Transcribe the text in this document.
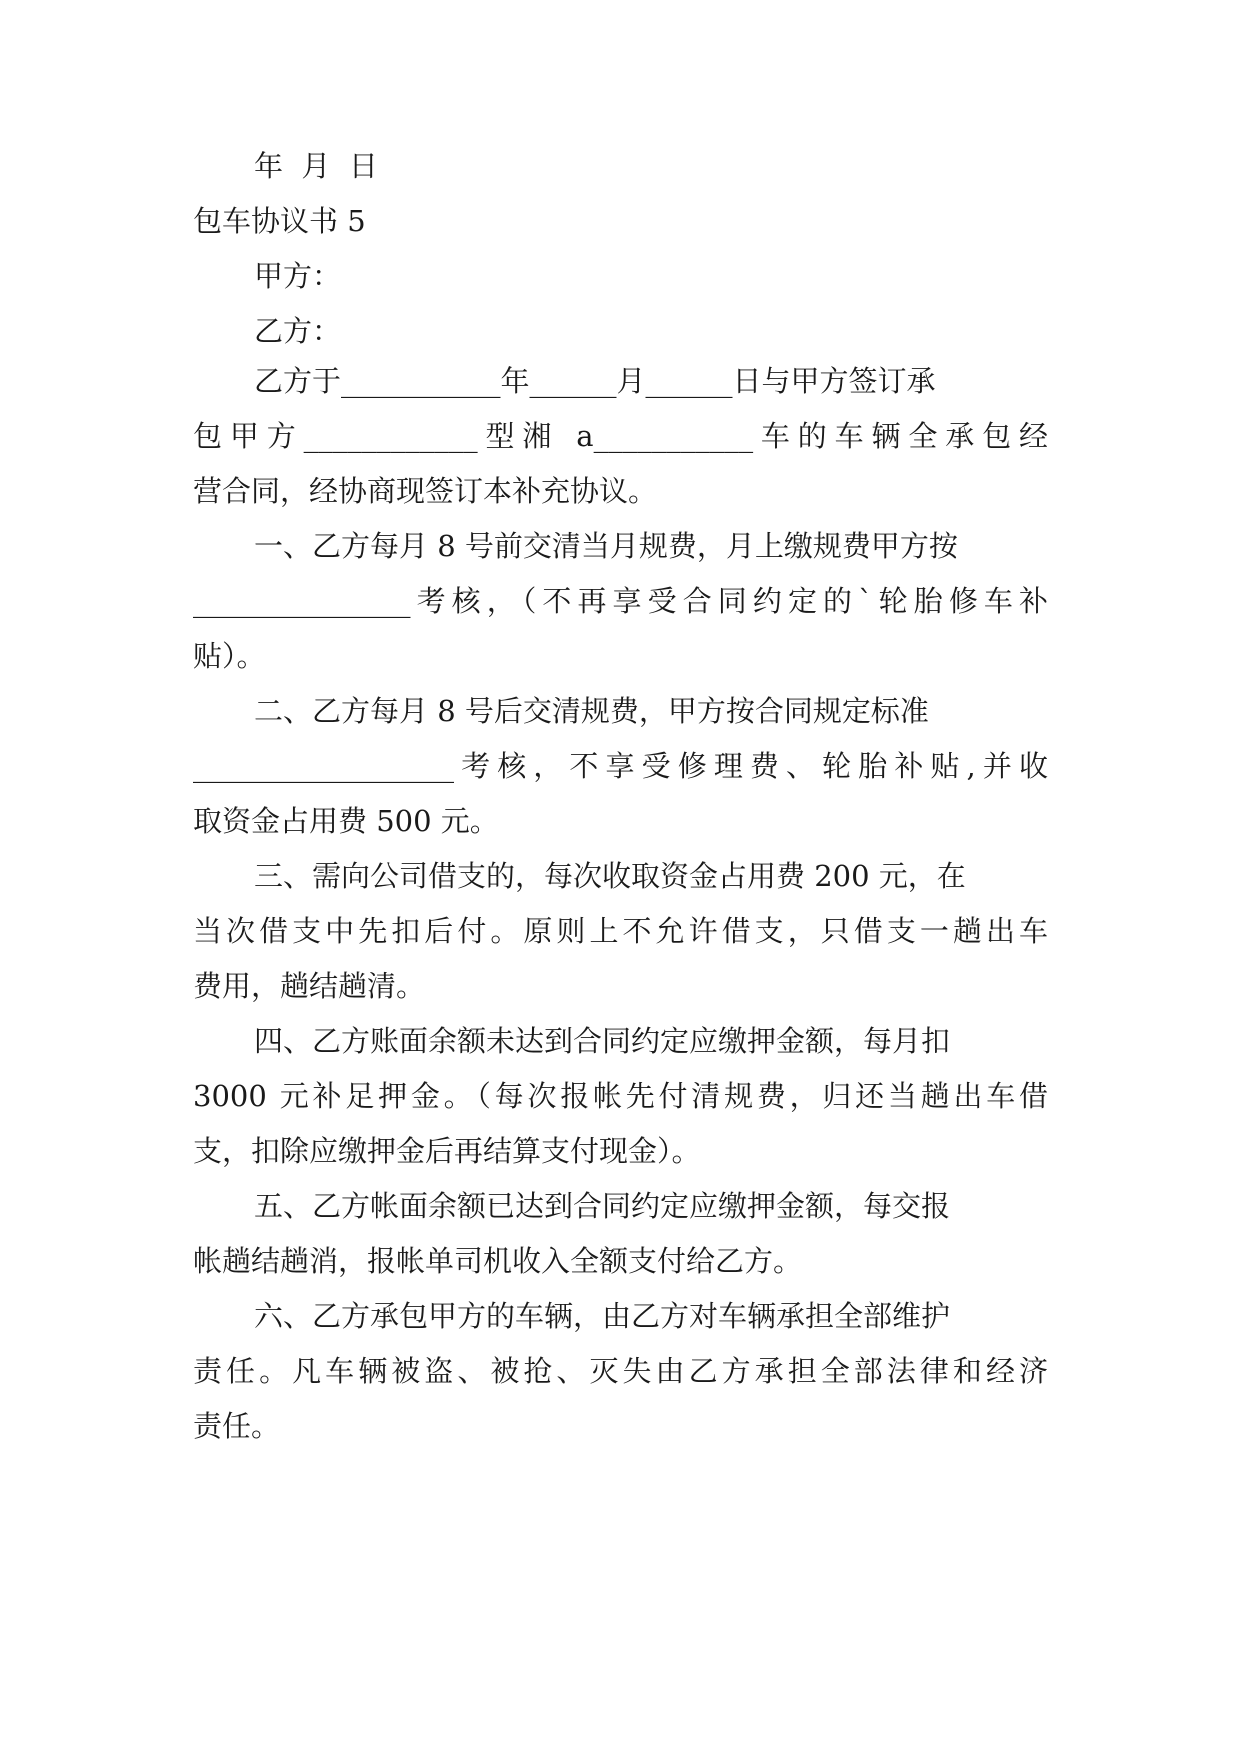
年  月  日

包车协议书 5

甲方：

乙方：

乙方于___________年______月______日与甲方签订承

包甲方____________型湘 a___________车的车辆全承包经

营合同，经协商现签订本补充协议。

一、乙方每月 8 号前交清当月规费，月上缴规费甲方按

_______________考核，（不再享受合同约定的`轮胎修车补

贴）。

二、乙方每月 8 号后交清规费，甲方按合同规定标准

__________________考核，不享受修理费、轮胎补贴,并收

取资金占用费 500 元。

三、需向公司借支的，每次收取资金占用费 200 元，在

当次借支中先扣后付。原则上不允许借支，只借支一趟出车

费用，趟结趟清。

四、乙方账面余额未达到合同约定应缴押金额，每月扣

3000 元补足押金。（每次报帐先付清规费，归还当趟出车借

支，扣除应缴押金后再结算支付现金）。

五、乙方帐面余额已达到合同约定应缴押金额，每交报

帐趟结趟消，报帐单司机收入全额支付给乙方。

六、乙方承包甲方的车辆，由乙方对车辆承担全部维护

责任。凡车辆被盗、被抢、灭失由乙方承担全部法律和经济

责任。
